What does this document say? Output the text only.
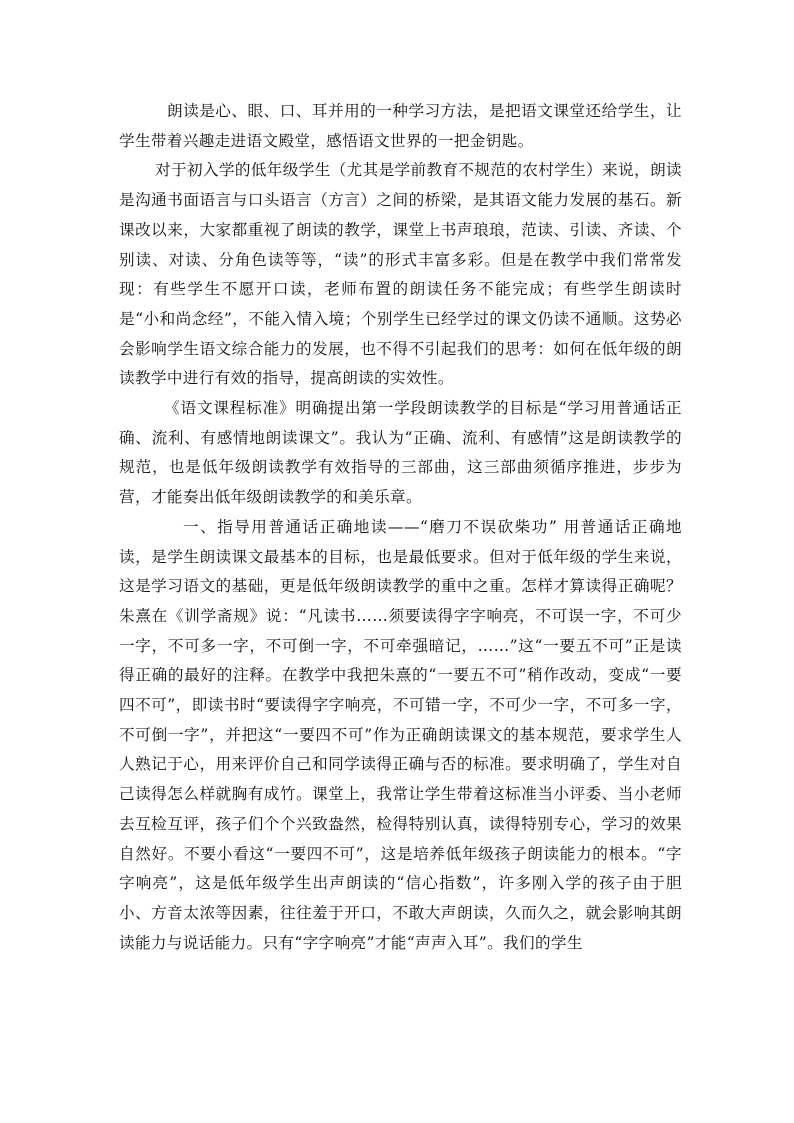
朗读是心、眼、口、耳并用的一种学习方法，是把语文课堂还给学生，让学生带着兴趣走进语文殿堂，感悟语文世界的一把金钥匙。

对于初入学的低年级学生（尤其是学前教育不规范的农村学生）来说，朗读是沟通书面语言与口头语言（方言）之间的桥梁，是其语文能力发展的基石。新课改以来，大家都重视了朗读的教学，课堂上书声琅琅，范读、引读、齐读、个别读、对读、分角色读等等，“读”的形式丰富多彩。但是在教学中我们常常发现：有些学生不愿开口读，老师布置的朗读任务不能完成；有些学生朗读时是“小和尚念经”，不能入情入境；个别学生已经学过的课文仍读不通顺。这势必会影响学生语文综合能力的发展，也不得不引起我们的思考：如何在低年级的朗读教学中进行有效的指导，提高朗读的实效性。

《语文课程标准》明确提出第一学段朗读教学的目标是“学习用普通话正确、流利、有感情地朗读课文”。我认为“正确、流利、有感情”这是朗读教学的规范，也是低年级朗读教学有效指导的三部曲，这三部曲须循序推进，步步为营，才能奏出低年级朗读教学的和美乐章。

一、指导用普通话正确地读——“磨刀不误砍柴功” 用普通话正确地读，是学生朗读课文最基本的目标，也是最低要求。但对于低年级的学生来说，这是学习语文的基础，更是低年级朗读教学的重中之重。怎样才算读得正确呢？朱熹在《训学斋规》说：“凡读书……须要读得字字响亮，不可误一字，不可少一字，不可多一字，不可倒一字，不可牵强暗记，……”这“一要五不可”正是读得正确的最好的注释。在教学中我把朱熹的“一要五不可”稍作改动，变成“一要四不可”，即读书时“要读得字字响亮，不可错一字，不可少一字，不可多一字，不可倒一字”，并把这“一要四不可”作为正确朗读课文的基本规范，要求学生人人熟记于心，用来评价自己和同学读得正确与否的标准。要求明确了，学生对自己读得怎么样就胸有成竹。课堂上，我常让学生带着这标准当小评委、当小老师去互检互评，孩子们个个兴致盎然，检得特别认真，读得特别专心，学习的效果自然好。不要小看这“一要四不可”，这是培养低年级孩子朗读能力的根本。“字字响亮”，这是低年级学生出声朗读的“信心指数”，许多刚入学的孩子由于胆小、方音太浓等因素，往往羞于开口，不敢大声朗读，久而久之，就会影响其朗读能力与说话能力。只有“字字响亮”才能“声声入耳”。我们的学生
